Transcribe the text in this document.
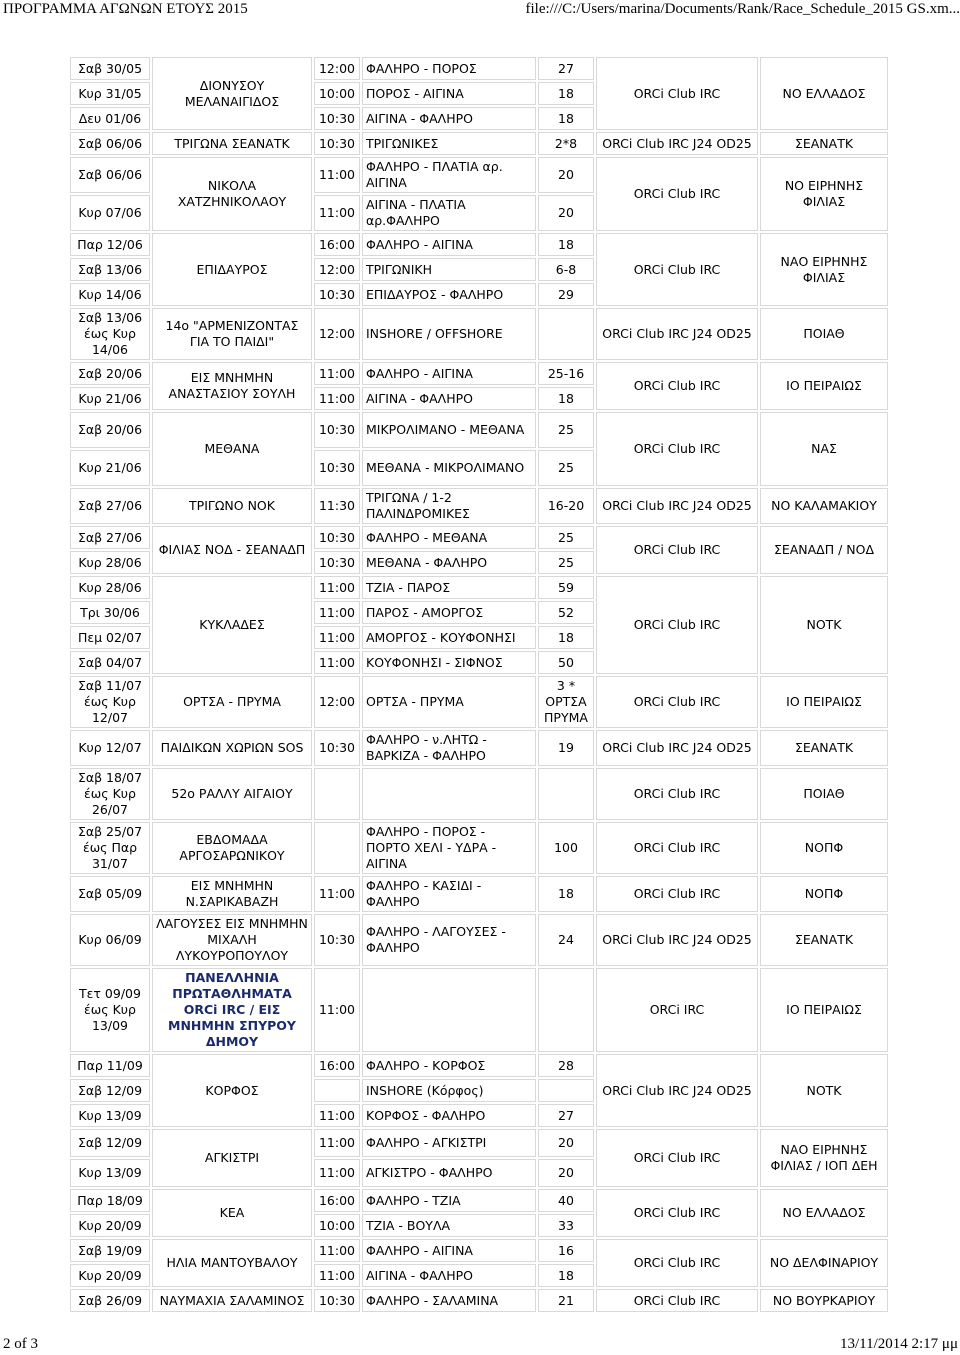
ΠΡΟΓΡΑΜΜΑ ΑΓΩΝΩΝ ΕΤΟΥΣ 2015	file:///C:/Users/marina/Documents/Rank/Race_Schedule_2015 GS.xm...
Σαβ 30/05	ΔΙΟΝΥΣΟΥ ΜΕΛΑΝΑΙΓΙΔΟΣ	12:00	ΦΑΛΗΡΟ - ΠΟΡΟΣ	27	ORCi Club IRC	ΝΟ ΕΛΛΑΔΟΣ
Κυρ 31/05		10:00	ΠΟΡΟΣ - ΑΙΓΙΝΑ	18		
Δευ 01/06		10:30	ΑΙΓΙΝΑ - ΦΑΛΗΡΟ	18		
Σαβ 06/06	ΤΡΙΓΩΝΑ ΣΕΑΝΑΤΚ	10:30	ΤΡΙΓΩΝΙΚΕΣ	2*8	ORCi Club IRC J24 OD25	ΣΕΑΝΑΤΚ
Σαβ 06/06	ΝΙΚΟΛΑ ΧΑΤΖΗΝΙΚΟΛΑΟΥ	11:00	ΦΑΛΗΡΟ - ΠΛΑΤΙΑ αρ. ΑΙΓΙΝΑ	20	ORCi Club IRC	ΝΟ ΕΙΡΗΝΗΣ ΦΙΛΙΑΣ
Κυρ 07/06		11:00	ΑΙΓΙΝΑ - ΠΛΑΤΙΑ αρ.ΦΑΛΗΡΟ	20		
Παρ 12/06	ΕΠΙΔΑΥΡΟΣ	16:00	ΦΑΛΗΡΟ - ΑΙΓΙΝΑ	18	ORCi Club IRC	ΝΑΟ ΕΙΡΗΝΗΣ ΦΙΛΙΑΣ
Σαβ 13/06		12:00	ΤΡΙΓΩΝΙΚΗ	6-8		
Κυρ 14/06		10:30	ΕΠΙΔΑΥΡΟΣ - ΦΑΛΗΡΟ	29		
Σαβ 13/06 έως Κυρ 14/06	14ο "ΑΡΜΕΝΙΖΟΝΤΑΣ ΓΙΑ ΤΟ ΠΑΙΔΙ"	12:00	INSHORE / OFFSHORE		ORCi Club IRC J24 OD25	ΠΟΙΑΘ
Σαβ 20/06	ΕΙΣ ΜΝΗΜΗΝ ΑΝΑΣΤΑΣΙΟΥ ΣΟΥΛΗ	11:00	ΦΑΛΗΡΟ - ΑΙΓΙΝΑ	25-16	ORCi Club IRC	ΙΟ ΠΕΙΡΑΙΩΣ
Κυρ 21/06		11:00	ΑΙΓΙΝΑ - ΦΑΛΗΡΟ	18		
Σαβ 20/06	ΜΕΘΑΝΑ	10:30	ΜΙΚΡΟΛΙΜΑΝΟ - ΜΕΘΑΝΑ	25	ORCi Club IRC	ΝΑΣ
Κυρ 21/06		10:30	ΜΕΘΑΝΑ - ΜΙΚΡΟΛΙΜΑΝΟ	25		
Σαβ 27/06	ΤΡΙΓΩΝΟ ΝΟΚ	11:30	ΤΡΙΓΩΝΑ / 1-2 ΠΑΛΙΝΔΡΟΜΙΚΕΣ	16-20	ORCi Club IRC J24 OD25	ΝΟ ΚΑΛΑΜΑΚΙΟΥ
Σαβ 27/06	ΦΙΛΙΑΣ ΝΟΔ - ΣΕΑΝΑΔΠ	10:30	ΦΑΛΗΡΟ - ΜΕΘΑΝΑ	25	ORCi Club IRC	ΣΕΑΝΑΔΠ / ΝΟΔ
Κυρ 28/06		10:30	ΜΕΘΑΝΑ - ΦΑΛΗΡΟ	25		
Κυρ 28/06	ΚΥΚΛΑΔΕΣ	11:00	ΤΖΙΑ - ΠΑΡΟΣ	59	ORCi Club IRC	ΝΟΤΚ
Τρι 30/06		11:00	ΠΑΡΟΣ - ΑΜΟΡΓΟΣ	52		
Πεμ 02/07		11:00	ΑΜΟΡΓΟΣ - ΚΟΥΦΟΝΗΣΙ	18		
Σαβ 04/07		11:00	ΚΟΥΦΟΝΗΣΙ - ΣΙΦΝΟΣ	50		
Σαβ 11/07 έως Κυρ 12/07	ΟΡΤΣΑ - ΠΡΥΜΑ	12:00	ΟΡΤΣΑ - ΠΡΥΜΑ	3 * ΟΡΤΣΑ ΠΡΥΜΑ	ORCi Club IRC	ΙΟ ΠΕΙΡΑΙΩΣ
Κυρ 12/07	ΠΑΙΔΙΚΩΝ ΧΩΡΙΩΝ SOS	10:30	ΦΑΛΗΡΟ - ν.ΛΗΤΩ - ΒΑΡΚΙΖΑ - ΦΑΛΗΡΟ	19	ORCi Club IRC J24 OD25	ΣΕΑΝΑΤΚ
Σαβ 18/07 έως Κυρ 26/07	52ο ΡΑΛΛΥ ΑΙΓΑΙΟΥ				ORCi Club IRC	ΠΟΙΑΘ
Σαβ 25/07 έως Παρ 31/07	ΕΒΔΟΜΑΔΑ ΑΡΓΟΣΑΡΩΝΙΚΟΥ		ΦΑΛΗΡΟ - ΠΟΡΟΣ - ΠΟΡΤΟ ΧΕΛΙ - ΥΔΡΑ - ΑΙΓΙΝΑ	100	ORCi Club IRC	ΝΟΠΦ
Σαβ 05/09	ΕΙΣ ΜΝΗΜΗΝ Ν.ΣΑΡΙΚΑΒΑΖΗ	11:00	ΦΑΛΗΡΟ - ΚΑΣΙΔΙ - ΦΑΛΗΡΟ	18	ORCi Club IRC	ΝΟΠΦ
Κυρ 06/09	ΛΑΓΟΥΣΕΣ ΕΙΣ ΜΝΗΜΗΝ ΜΙΧΑΛΗ ΛΥΚΟΥΡΟΠΟΥΛΟΥ	10:30	ΦΑΛΗΡΟ - ΛΑΓΟΥΣΕΣ - ΦΑΛΗΡΟ	24	ORCi Club IRC J24 OD25	ΣΕΑΝΑΤΚ
Τετ 09/09 έως Κυρ 13/09	ΠΑΝΕΛΛΗΝΙΑ ΠΡΩΤΑΘΛΗΜΑΤΑ ORCi IRC / ΕΙΣ ΜΝΗΜΗΝ ΣΠΥΡΟΥ ΔΗΜΟΥ	11:00			ORCi IRC	ΙΟ ΠΕΙΡΑΙΩΣ
Παρ 11/09	ΚΟΡΦΟΣ	16:00	ΦΑΛΗΡΟ - ΚΟΡΦΟΣ	28	ORCi Club IRC J24 OD25	ΝΟΤΚ
Σαβ 12/09			INSHORE (Κόρφος)			
Κυρ 13/09		11:00	ΚΟΡΦΟΣ - ΦΑΛΗΡΟ	27		
Σαβ 12/09	ΑΓΚΙΣΤΡΙ	11:00	ΦΑΛΗΡΟ - ΑΓΚΙΣΤΡΙ	20	ORCi Club IRC	ΝΑΟ ΕΙΡΗΝΗΣ ΦΙΛΙΑΣ / ΙΟΠ ΔΕΗ
Κυρ 13/09		11:00	ΑΓΚΙΣΤΡΟ - ΦΑΛΗΡΟ	20		
Παρ 18/09	ΚΕΑ	16:00	ΦΑΛΗΡΟ - ΤΖΙΑ	40	ORCi Club IRC	ΝΟ ΕΛΛΑΔΟΣ
Κυρ 20/09		10:00	ΤΖΙΑ - ΒΟΥΛΑ	33		
Σαβ 19/09	ΗΛΙΑ ΜΑΝΤΟΥΒΑΛΟΥ	11:00	ΦΑΛΗΡΟ - ΑΙΓΙΝΑ	16	ORCi Club IRC	ΝΟ ΔΕΛΦΙΝΑΡΙΟΥ
Κυρ 20/09		11:00	ΑΙΓΙΝΑ - ΦΑΛΗΡΟ	18		
Σαβ 26/09	ΝΑΥΜΑΧΙΑ ΣΑΛΑΜΙΝΟΣ	10:30	ΦΑΛΗΡΟ - ΣΑΛΑΜΙΝΑ	21	ORCi Club IRC	ΝΟ ΒΟΥΡΚΑΡΙΟΥ
2 of 3	13/11/2014 2:17 μμ
